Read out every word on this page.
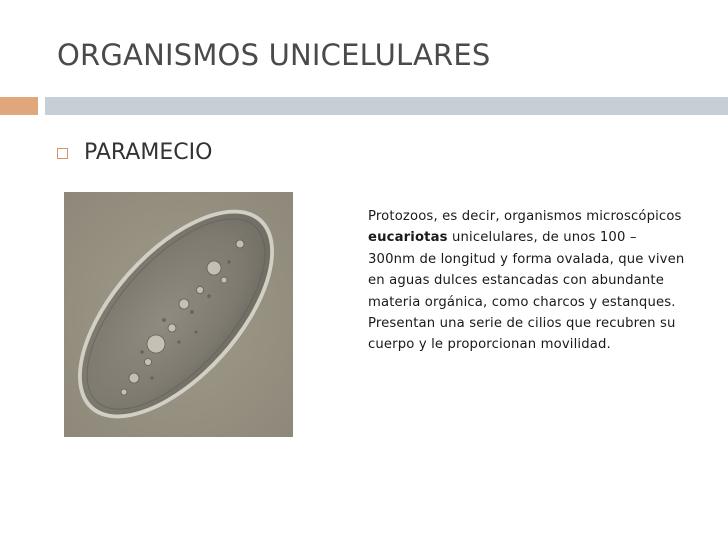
ORGANISMOS UNICELULARES
PARAMECIO
Protozoos, es decir, organismos microscópicos eucariotas unicelulares, de unos 100 – 300nm de longitud y forma ovalada, que viven en aguas dulces estancadas con abundante materia orgánica, como charcos y estanques. Presentan una serie de cilios que recubren su cuerpo y le proporcionan movilidad.
